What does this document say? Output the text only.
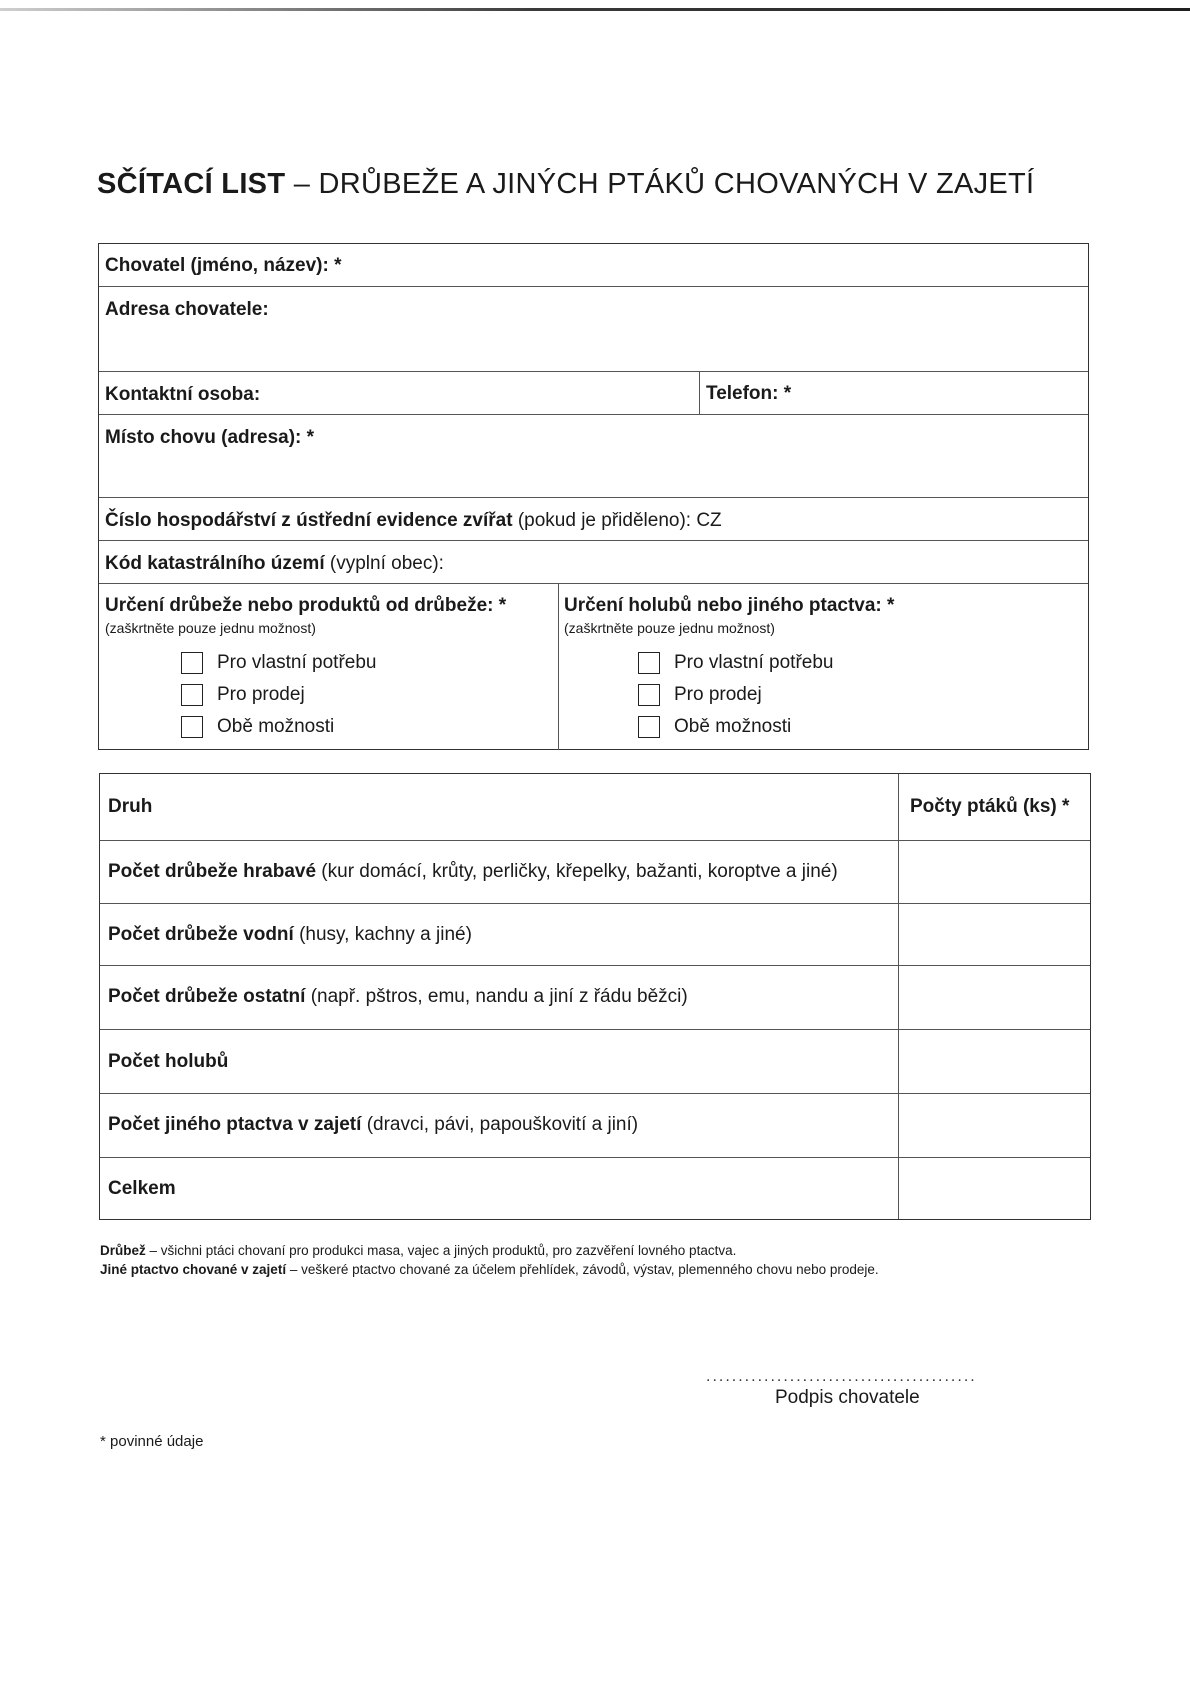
SČÍTACÍ LIST – DRŮBEŽE A JINÝCH PTÁKŮ CHOVANÝCH V ZAJETÍ
Chovatel (jméno, název): *
Adresa chovatele:
Kontaktní osoba:	Telefon: *
Místo chovu (adresa): *
Číslo hospodářství z ústřední evidence zvířat (pokud je přiděleno): CZ
Kód katastrálního území (vyplní obec):
Určení drůbeže nebo produktů od drůbeže: *
(zaškrtněte pouze jednu možnost)
Pro vlastní potřebu
Pro prodej
Obě možnosti
Určení holubů nebo jiného ptactva: *
(zaškrtněte pouze jednu možnost)
Pro vlastní potřebu
Pro prodej
Obě možnosti
Druh	Počty ptáků (ks) *
Počet drůbeže hrabavé (kur domácí, krůty, perličky, křepelky, bažanti, koroptve a jiné)
Počet drůbeže vodní (husy, kachny a jiné)
Počet drůbeže ostatní (např. pštros, emu, nandu a jiní z řádu běžci)
Počet holubů
Počet jiného ptactva v zajetí (dravci, pávi, papouškovití a jiní)
Celkem
Drůbež – všichni ptáci chovaní pro produkci masa, vajec a jiných produktů, pro zazvěření lovného ptactva.
Jiné ptactvo chované v zajetí – veškeré ptactvo chované za účelem přehlídek, závodů, výstav, plemenného chovu nebo prodeje.
..........................................
Podpis chovatele
* povinné údaje
